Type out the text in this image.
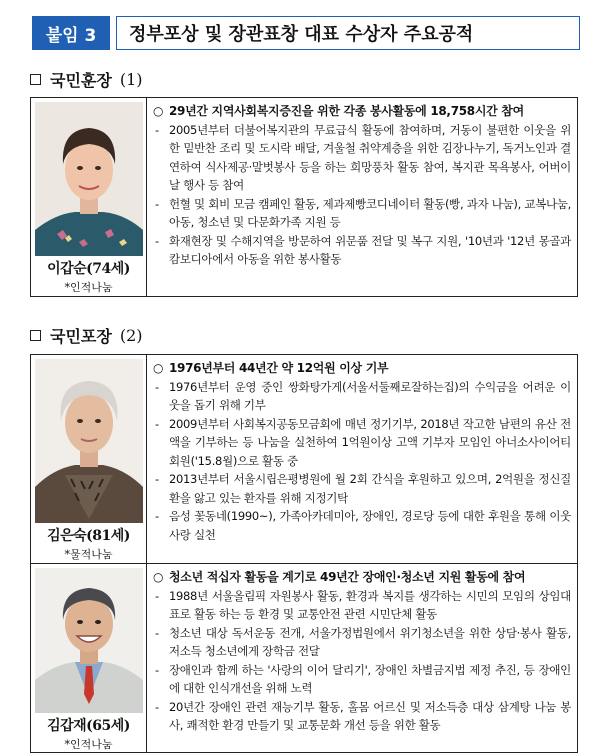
붙임 3	정부포상 및 장관표창 대표 수상자 주요공적
국민훈장 (1)
이갑순(74세)
*인적나눔
○ 29년간 지역사회복지증진을 위한 각종 봉사활동에 18,758시간 참여
- 2005년부터 더불어복지관의 무료급식 활동에 참여하며, 거동이 불편한 이웃을 위한 밑반찬 조리 및 도시락 배달, 겨울철 취약계층을 위한 김장나누기, 독거노인과 결연하여 식사제공·말벗봉사 등을 하는 희망풍차 활동 참여, 복지관 목욕봉사, 어버이날 행사 등 참여
- 헌혈 및 회비 모금 캠페인 활동, 제과제빵코디네이터 활동(빵, 과자 나눔), 교복나눔, 아동, 청소년 및 다문화가족 지원 등
- 화재현장 및 수해지역을 방문하여 위문품 전달 및 복구 지원, '10년과 '12년 몽골과 캄보디아에서 아동을 위한 봉사활동
국민포장 (2)
김은숙(81세)
*물적나눔
○ 1976년부터 44년간 약 12억원 이상 기부
- 1976년부터 운영 중인 쌍화탕가게(서울서둘째로잘하는집)의 수익금을 어려운 이웃을 돕기 위해 기부
- 2009년부터 사회복지공동모금회에 매년 정기기부, 2018년 작고한 남편의 유산 전액을 기부하는 등 나눔을 실천하여 1억원이상 고액 기부자 모임인 아너소사이어티 회원('15.8월)으로 활동 중
- 2013년부터 서울시립은평병원에 월 2회 간식을 후원하고 있으며, 2억원을 정신질환을 앓고 있는 환자를 위해 지정기탁
- 음성 꽃동네(1990~), 가족아카데미아, 장애인, 경로당 등에 대한 후원을 통해 이웃 사랑 실천
김갑재(65세)
*인적나눔
○ 청소년 적십자 활동을 계기로 49년간 장애인·청소년 지원 활동에 참여
- 1988년 서울올림픽 자원봉사 활동, 환경과 복지를 생각하는 시민의 모임의 상임대표로 활동 하는 등 환경 및 교통안전 관련 시민단체 활동
- 청소년 대상 독서운동 전개, 서울가정법원에서 위기청소년을 위한 상담·봉사 활동, 저소득 청소년에게 장학금 전달
- 장애인과 함께 하는 '사랑의 이어 달리기', 장애인 차별금지법 제정 추진, 등 장애인에 대한 인식개선을 위해 노력
- 20년간 장애인 관련 재능기부 활동, 홀몸 어르신 및 저소득층 대상 삼계탕 나눔 봉사, 쾌적한 환경 만들기 및 교통문화 개선 등을 위한 활동
